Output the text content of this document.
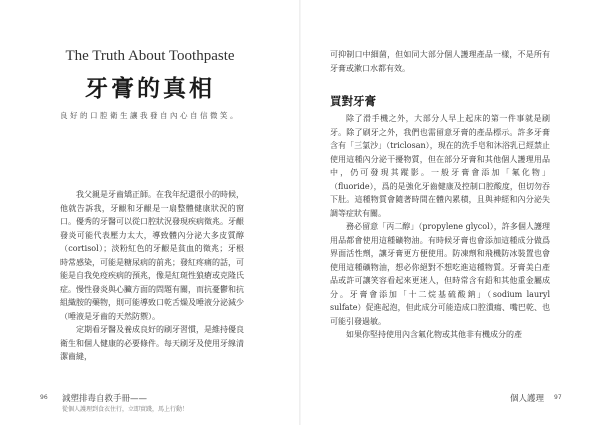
The Truth About Toothpaste
牙膏的真相
良好的口腔衛生讓我發自內心自信微笑。

我父親是牙齒矯正師。在我年紀還很小的時候，他就告訴我，牙齦和牙齦是一扇整體健康狀況的窗口。優秀的牙醫可以從口腔狀況發現疾病徵兆。牙齦發炎可能代表壓力太大，導致體內分泌大多皮質醇（cortisol）；淡粉紅色的牙齦是貧血的徵兆；牙根時常感染，可能是糖尿病的前兆；發紅疼痛的話，可能是自我免疫疾病的預兆，像是紅斑性狼瘡或克隆氏症。慢性發炎與心臟方面的問題有關，而抗憂鬱和抗組織胺的藥物，則可能導致口乾舌燥及唾液分泌減少（唾液是牙齒的天然防禦）。

定期看牙醫及養成良好的刷牙習慣，是維持優良衛生和個人健康的必要條件。每天刷牙及使用牙線清潔齒縫，

96 減塑排毒自救手冊——
從個人護理到食衣住行，立即實踐，馬上行動！

可抑制口中細菌，但如同大部分個人護理產品一樣，不是所有牙膏或漱口水都有效。

買對牙膏

除了滑手機之外，大部分人早上起床的第一件事就是刷牙。除了刷牙之外，我們也需留意牙膏的產品標示。許多牙膏含有「三氯沙」（triclosan），現在的洗手皂和沐浴乳已經禁止使用這種內分泌干擾物質，但在部分牙膏和其他個人護理用品中，仍可發現其蹤影。一般牙膏會添加「氟化物」（fluoride），爲的是強化牙齒健康及控制口腔酸度，但切勿吞下肚。這種物質會隨著時間在體內累積，且與神經和內分泌失調等症狀有關。

務必留意「丙二醇」（propylene glycol），許多個人護理用品都會使用這種礦物油。有時候牙膏也會添加這種成分做爲界面活性劑，讓牙膏更方便使用。防凍劑和飛機防冰裝置也會使用這種礦物油，想必你絕對不想吃進這種物質。牙膏美白產品或許可讓笑容看起來更迷人，但時常含有鉛和其他重金屬成分。牙膏會添加「十二烷基硫酸鈉」（sodium lauryl sulfate）促進起泡，但此成分可能造成口腔潰瘍、嘴巴乾、也可能引發過敏。

如果你堅持使用內含氟化物或其他非有機成分的產

個人護理 97
